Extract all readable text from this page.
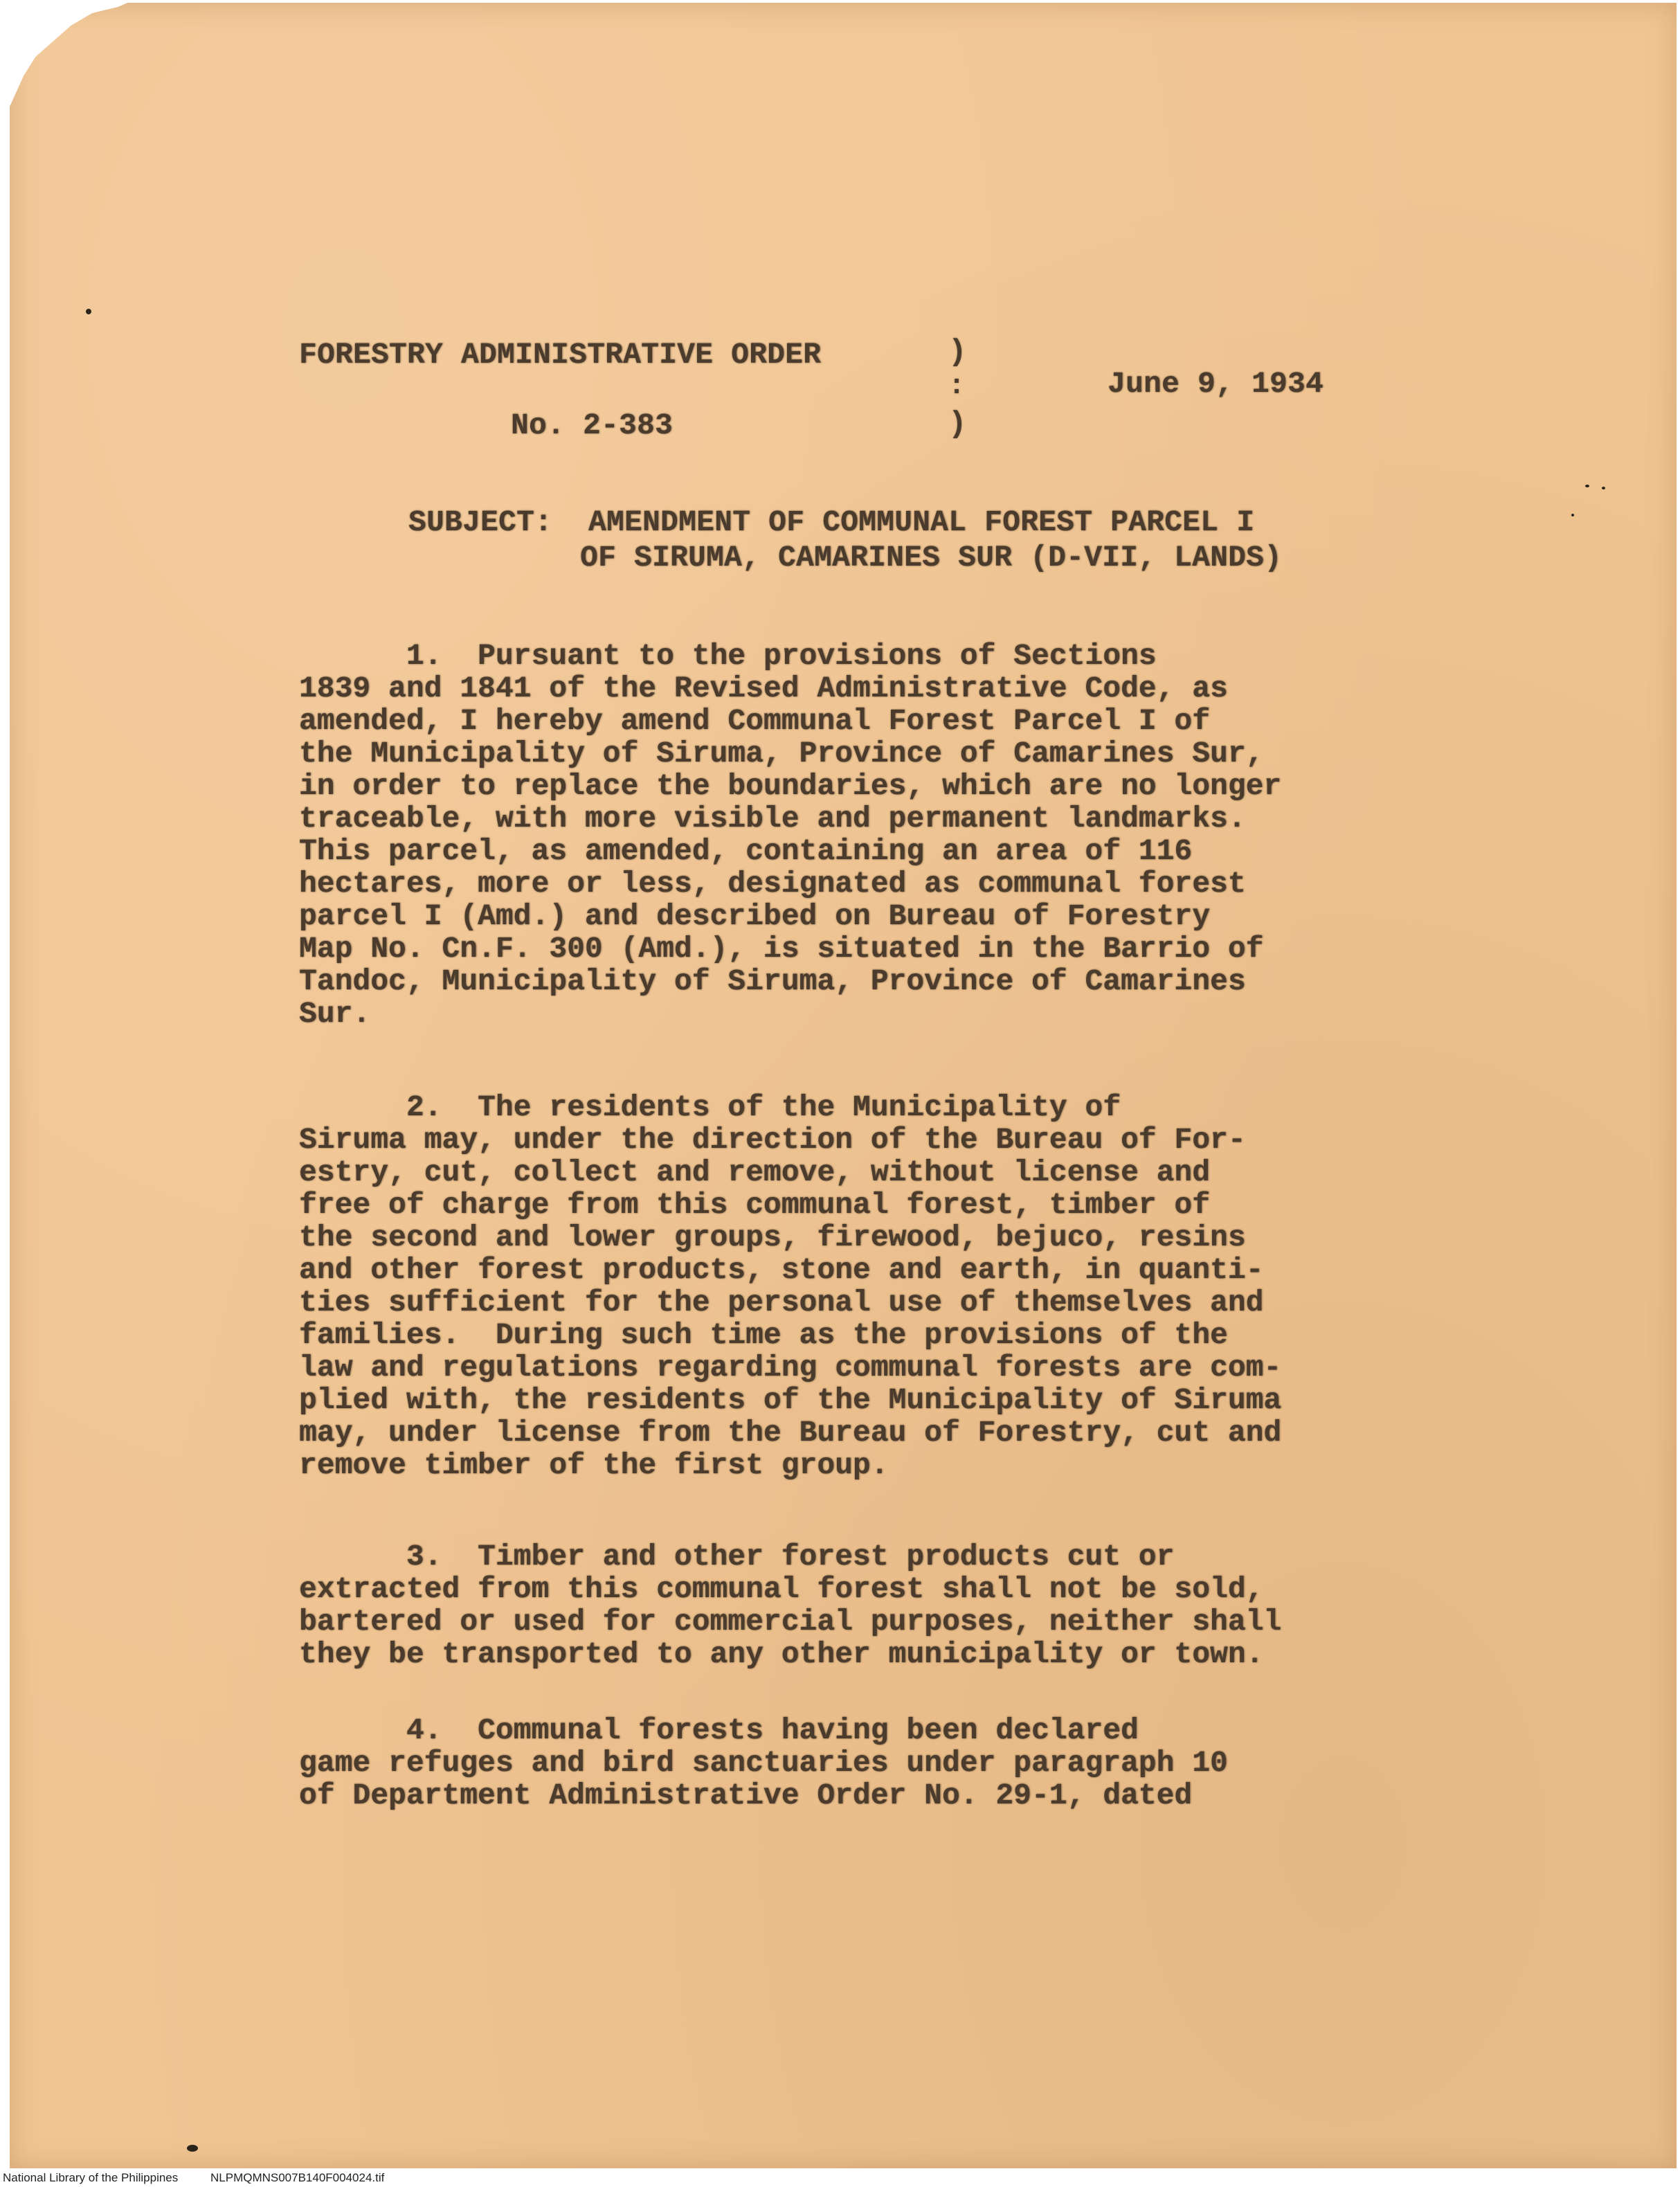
FORESTRY ADMINISTRATIVE ORDER
No. 2-383
)
:
)
June 9, 1934
SUBJECT:  AMENDMENT OF COMMUNAL FOREST PARCEL I
OF SIRUMA, CAMARINES SUR (D-VII, LANDS)
1.  Pursuant to the provisions of Sections
1839 and 1841 of the Revised Administrative Code, as
amended, I hereby amend Communal Forest Parcel I of
the Municipality of Siruma, Province of Camarines Sur,
in order to replace the boundaries, which are no longer
traceable, with more visible and permanent landmarks.
This parcel, as amended, containing an area of 116
hectares, more or less, designated as communal forest
parcel I (Amd.) and described on Bureau of Forestry
Map No. Cn.F. 300 (Amd.), is situated in the Barrio of
Tandoc, Municipality of Siruma, Province of Camarines
Sur.
2.  The residents of the Municipality of
Siruma may, under the direction of the Bureau of For-
estry, cut, collect and remove, without license and
free of charge from this communal forest, timber of
the second and lower groups, firewood, bejuco, resins
and other forest products, stone and earth, in quanti-
ties sufficient for the personal use of themselves and
families.  During such time as the provisions of the
law and regulations regarding communal forests are com-
plied with, the residents of the Municipality of Siruma
may, under license from the Bureau of Forestry, cut and
remove timber of the first group.
3.  Timber and other forest products cut or
extracted from this communal forest shall not be sold,
bartered or used for commercial purposes, neither shall
they be transported to any other municipality or town.
4.  Communal forests having been declared
game refuges and bird sanctuaries under paragraph 10
of Department Administrative Order No. 29-1, dated
National Library of the Philippines	NLPMQMNS007B140F004024.tif
